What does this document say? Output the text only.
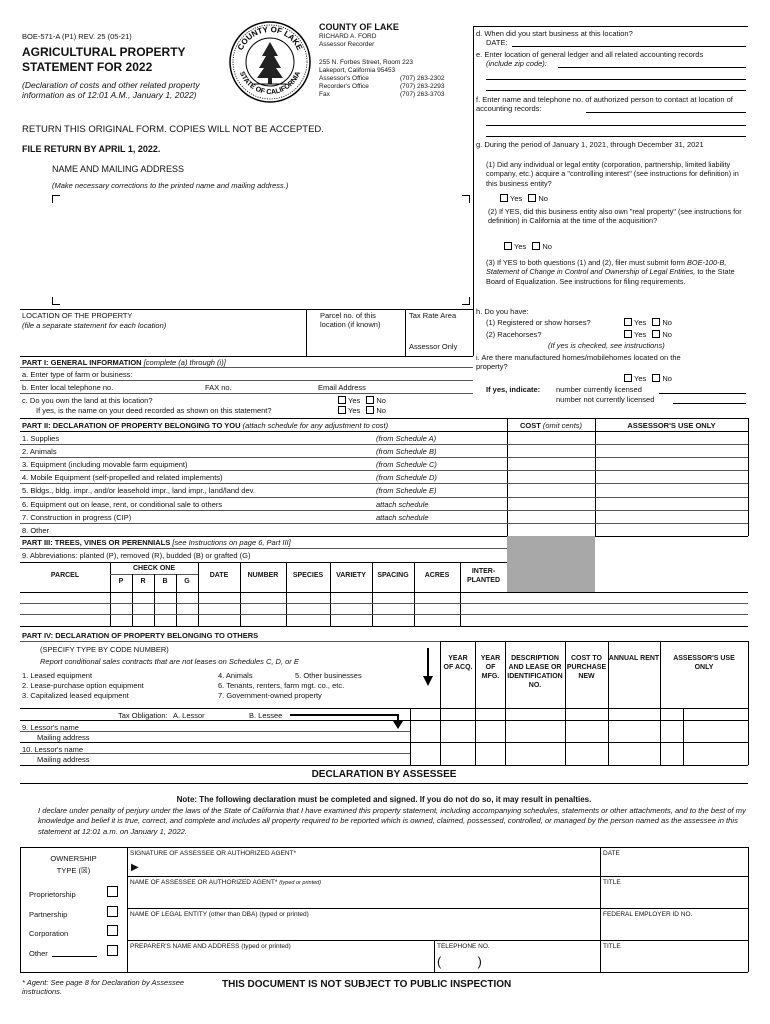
BOE-571-A (P1) REV. 25 (05-21)
AGRICULTURAL PROPERTY
STATEMENT FOR 2022
(Declaration of costs and other related property information as of 12:01 A.M., January 1, 2022)
COUNTY OF LAKE
STATE OF CALIFORNIA
COUNTY OF LAKE
RICHARD A. FORD
Assessor Recorder
255 N. Forbes Street, Room 223
Lakeport, California 95453
Assessor's Office	(707) 263-2302
Recorder's Office	(707) 263-2293
Fax	(707) 263-3703
RETURN THIS ORIGINAL FORM. COPIES WILL NOT BE ACCEPTED.
FILE RETURN BY APRIL 1, 2022.
NAME AND MAILING ADDRESS
(Make necessary corrections to the printed name and mailing address.)
d. When did you start business at this location?
DATE:
e. Enter location of general ledger and all related accounting records
(include zip code):
f. Enter name and telephone no. of authorized person to contact at location of accounting records:
g. During the period of January 1, 2021, through December 31, 2021
(1) Did any individual or legal entity (corporation, partnership, limited liability company, etc.) acquire a "controlling interest" (see instructions for definition) in this business entity?
Yes No
(2) If YES, did this business entity also own "real property" (see instructions for definition) in California at the time of the acquisition?
Yes No
(3) If YES to both questions (1) and (2), filer must submit form BOE-100-B, Statement of Change in Control and Ownership of Legal Entities, to the State Board of Equalization. See instructions for filing requirements.
h. Do you have:
(1) Registered or show horses?	Yes No
(2) Racehorses?	Yes No
(If yes is checked, see instructions)
i. Are there manufactured homes/mobilehomes located on the property?
Yes No
If yes, indicate: number currently licensed
number not currently licensed
LOCATION OF THE PROPERTY
(file a separate statement for each location)
Parcel no. of this location (if known)
Tax Rate Area
Assessor Only
PART I: GENERAL INFORMATION [complete (a) through (i)]
a. Enter type of farm or business:
b. Enter local telephone no.	FAX no.	Email Address
c. Do you own the land at this location?	Yes No
If yes, is the name on your deed recorded as shown on this statement?	Yes No
PART II: DECLARATION OF PROPERTY BELONGING TO YOU (attach schedule for any adjustment to cost)	COST (omit cents)	ASSESSOR'S USE ONLY
1. Supplies	(from Schedule A)
2. Animals	(from Schedule B)
3. Equipment (including movable farm equipment)	(from Schedule C)
4. Mobile Equipment (self-propelled and related implements)	(from Schedule D)
5. Bldgs., bldg. impr., and/or leasehold impr., land impr., land/land dev.	(from Schedule E)
6. Equipment out on lease, rent, or conditional sale to others	attach schedule
7. Construction in progress (CIP)	attach schedule
8. Other
PART III: TREES, VINES OR PERENNIALS [see Instructions on page 6, Part III]
9. Abbreviations: planted (P), removed (R), budded (B) or grafted (G)
PARCEL
CHECK ONE
P	R	B	G
DATE	NUMBER	SPECIES	VARIETY	SPACING	ACRES
INTER-PLANTED
PART IV: DECLARATION OF PROPERTY BELONGING TO OTHERS
(SPECIFY TYPE BY CODE NUMBER)
Report conditional sales contracts that are not leases on Schedules C, D, or E
1. Leased equipment
2. Lease-purchase option equipment
3. Capitalized leased equipment
4. Animals	5. Other businesses
6. Tenants, renters, farm mgt. co., etc.
7. Government-owned property
YEAR OF ACQ.
YEAR OF MFG.
DESCRIPTION AND LEASE OR IDENTIFICATION NO.
COST TO PURCHASE NEW
ANNUAL RENT	ASSESSOR'S USE ONLY
Tax Obligation: A. Lessor	B. Lessee
9. Lessor's name
Mailing address
10. Lessor's name
Mailing address
DECLARATION BY ASSESSEE
Note: The following declaration must be completed and signed. If you do not do so, it may result in penalties.
I declare under penalty of perjury under the laws of the State of California that I have examined this property statement, including accompanying schedules, statements or other attachments, and to the best of my knowledge and belief it is true, correct, and complete and includes all property required to be reported which is owned, claimed, possessed, controlled, or managed by the person named as the assessee in this statement at 12:01 a.m. on January 1, 2022.
OWNERSHIP
TYPE (☒)
Proprietorship
Partnership
Corporation
Other
SIGNATURE OF ASSESSEE OR AUTHORIZED AGENT*
▶
DATE
NAME OF ASSESSEE OR AUTHORIZED AGENT* (typed or printed)	TITLE
NAME OF LEGAL ENTITY (other than DBA) (typed or printed)	FEDERAL EMPLOYER ID NO.
PREPARER'S NAME AND ADDRESS (typed or printed)	TELEPHONE NO.
(          )
TITLE
* Agent: See page 8 for Declaration by Assessee instructions.
THIS DOCUMENT IS NOT SUBJECT TO PUBLIC INSPECTION
